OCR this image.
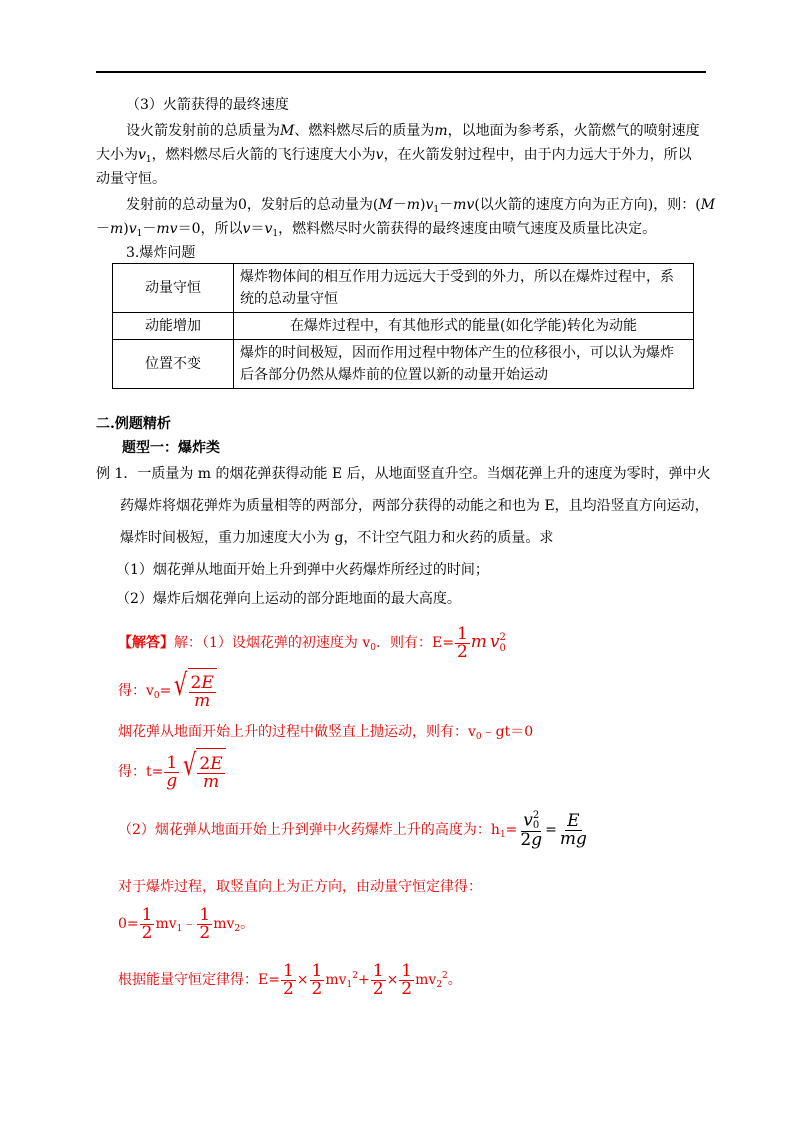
（3）火箭获得的最终速度
设火箭发射前的总质量为M、燃料燃尽后的质量为m，以地面为参考系，火箭燃气的喷射速度
大小为$v_1$，燃料燃尽后火箭的飞行速度大小为v，在火箭发射过程中，由于内力远大于外力，所以
动量守恒。
发射前的总动量为0，发射后的总动量为$(M-m)v_1-mv$(以火箭的速度方向为正方向)，则：(M
$-m)v_1-mv=0$，所以$v=v_1$，燃料燃尽时火箭获得的最终速度由喷气速度及质量比决定。
3.爆炸问题
动量守恒	爆炸物体间的相互作用力远远大于受到的外力，所以在爆炸过程中，系统的总动量守恒
动能增加	在爆炸过程中，有其他形式的能量(如化学能)转化为动能
位置不变	爆炸的时间极短，因而作用过程中物体产生的位移很小，可以认为爆炸后各部分仍然从爆炸前的位置以新的动量开始运动
二.例题精析
题型一：爆炸类
例 1．一质量为 m 的烟花弹获得动能 E 后，从地面竖直升空。当烟花弹上升的速度为零时，弹中火
药爆炸将烟花弹炸为质量相等的两部分，两部分获得的动能之和也为 E，且均沿竖直方向运动，
爆炸时间极短，重力加速度大小为 g，不计空气阻力和火药的质量。求
（1）烟花弹从地面开始上升到弹中火药爆炸所经过的时间；
（2）爆炸后烟花弹向上运动的部分距地面的最大高度。
【解答】解：（1）设烟花弹的初速度为 $v_0$．则有：$E= \frac{1}{2}$ m v 2
0
得：$v_0=$ √ $\frac{2E}{m}$
烟花弹从地面开始上升的过程中做竖直上抛运动，则有：$v_0﹣gt=0$
得：$t= \frac{1}{g}$ √ $\frac{2E}{m}$
（2）烟花弹从地面开始上升到弹中火药爆炸上升的高度为：$h_1= v$ 2
0
$2g = \frac{E}{mg}$
对于爆炸过程，取竖直向上为正方向，由动量守恒定律得：
$0= \frac{1}{2}$ $mv_1﹣ \frac{1}{2} mv_2$。
根据能量守恒定律得：$E= \frac{1}{2} \times \frac{1}{2} mv_1^2+ \frac{1}{2} \times \frac{1}{2} mv_2^2$。
